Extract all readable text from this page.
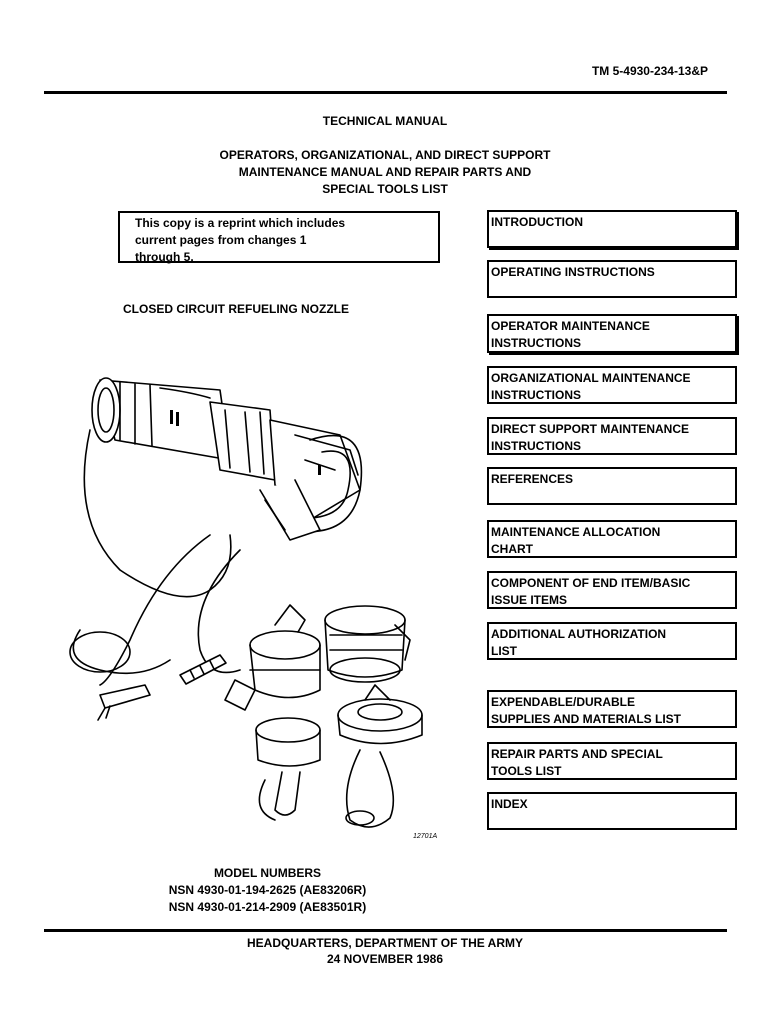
TM 5-4930-234-13&P
TECHNICAL MANUAL
OPERATORS, ORGANIZATIONAL, AND DIRECT SUPPORT
MAINTENANCE MANUAL AND REPAIR PARTS AND
SPECIAL TOOLS LIST
This copy is a reprint which includes
current pages from changes 1
through 5.
CLOSED CIRCUIT REFUELING NOZZLE
INTRODUCTION
OPERATING INSTRUCTIONS
OPERATOR MAINTENANCE
INSTRUCTIONS
ORGANIZATIONAL MAINTENANCE
INSTRUCTIONS
DIRECT SUPPORT MAINTENANCE
INSTRUCTIONS
REFERENCES
MAINTENANCE ALLOCATION
CHART
COMPONENT OF END ITEM/BASIC
ISSUE ITEMS
ADDITIONAL AUTHORIZATION
LIST
EXPENDABLE/DURABLE
SUPPLIES AND MATERIALS LIST
REPAIR PARTS AND SPECIAL
TOOLS LIST
INDEX
12701A
MODEL NUMBERS
NSN 4930-01-194-2625 (AE83206R)
NSN 4930-01-214-2909 (AE83501R)
HEADQUARTERS, DEPARTMENT OF THE ARMY
24 NOVEMBER 1986
